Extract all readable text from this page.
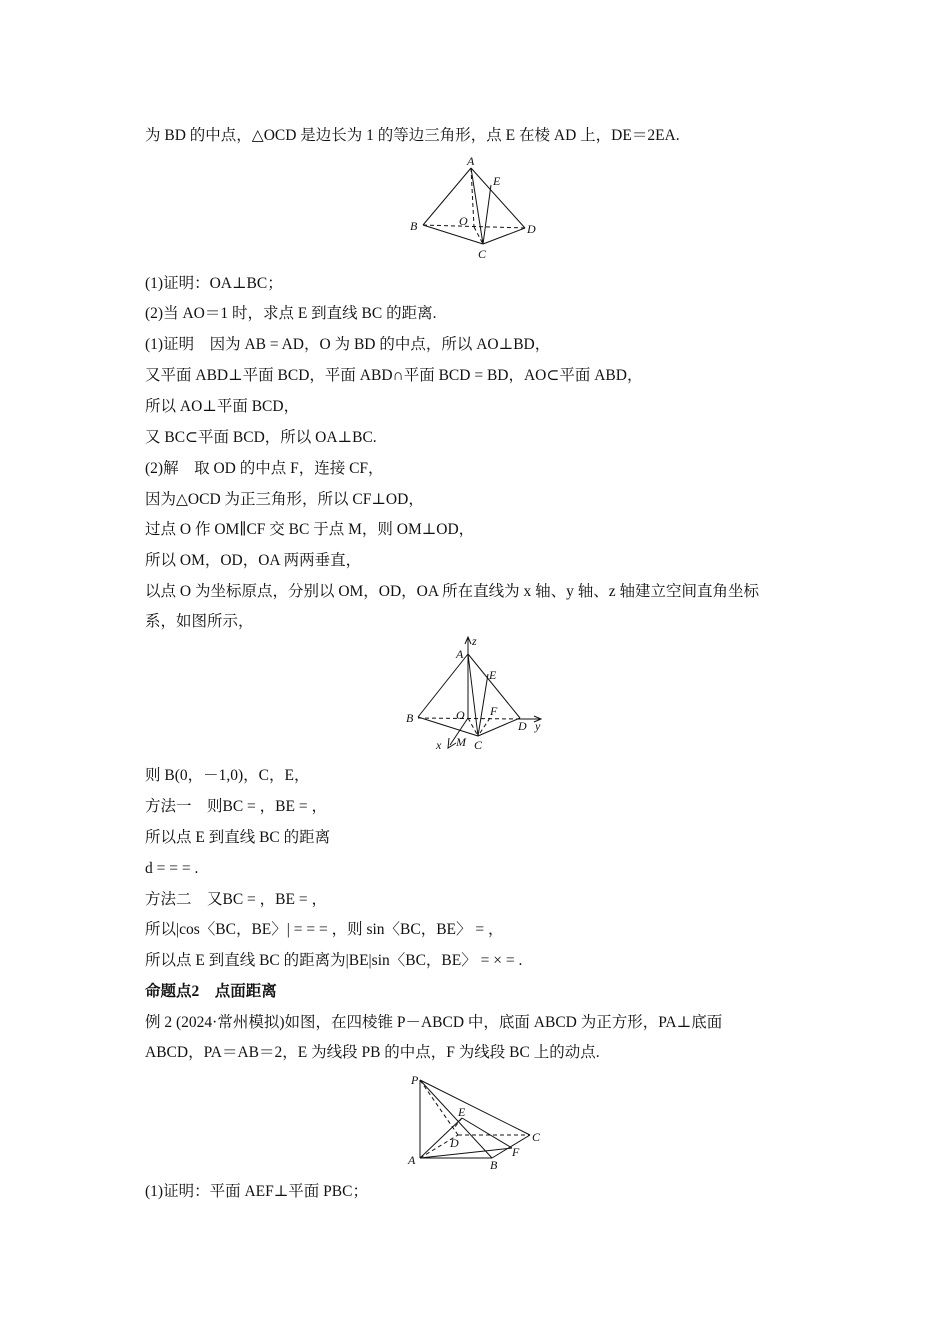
为 BD 的中点，△OCD 是边长为 1 的等边三角形，点 E 在棱 AD 上，DE＝2EA.
(1)证明：OA⊥BC；
(2)当 AO＝1 时，求点 E 到直线 BC 的距离.
(1)证明　因为 AB = AD，O 为 BD 的中点，所以 AO⊥BD，
又平面 ABD⊥平面 BCD，平面 ABD∩平面 BCD = BD，AO⊂平面 ABD，
所以 AO⊥平面 BCD，
又 BC⊂平面 BCD，所以 OA⊥BC.
(2)解　取 OD 的中点 F，连接 CF，
因为△OCD 为正三角形，所以 CF⊥OD，
过点 O 作 OM∥CF 交 BC 于点 M，则 OM⊥OD，
所以 OM，OD，OA 两两垂直，
以点 O 为坐标原点，分别以 OM，OD，OA 所在直线为 x 轴、y 轴、z 轴建立空间直角坐标
系，如图所示，
则 B(0，－1,0)，C，E，
方法一　则BC = ，BE = ，
所以点 E 到直线 BC 的距离
d = = = .
方法二　又BC = ，BE = ，
所以|cos〈BC，BE〉| = = = ，则 sin〈BC，BE〉 = ，
所以点 E 到直线 BC 的距离为|BE|sin〈BC，BE〉 = × = .
命题点2　点面距离
例 2 (2024·常州模拟)如图，在四棱锥 P－ABCD 中，底面 ABCD 为正方形，PA⊥底面
ABCD，PA＝AB＝2，E 为线段 PB 的中点，F 为线段 BC 上的动点.
(1)证明：平面 AEF⊥平面 PBC；
A
E
O
B	D
C
z
A
E
O F
B
D y
x M C
P
E
D	C
A
F
B
